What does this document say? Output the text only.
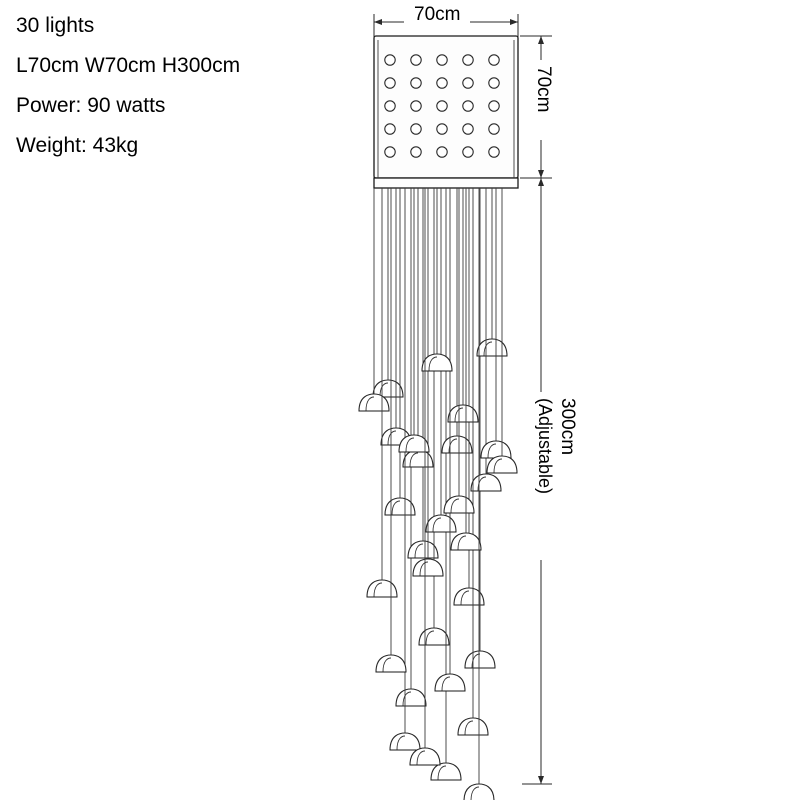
30 lights
L70cm W70cm H300cm
Power: 90 watts
Weight: 43kg
70cm
70cm
300cm
(Adjustable)
